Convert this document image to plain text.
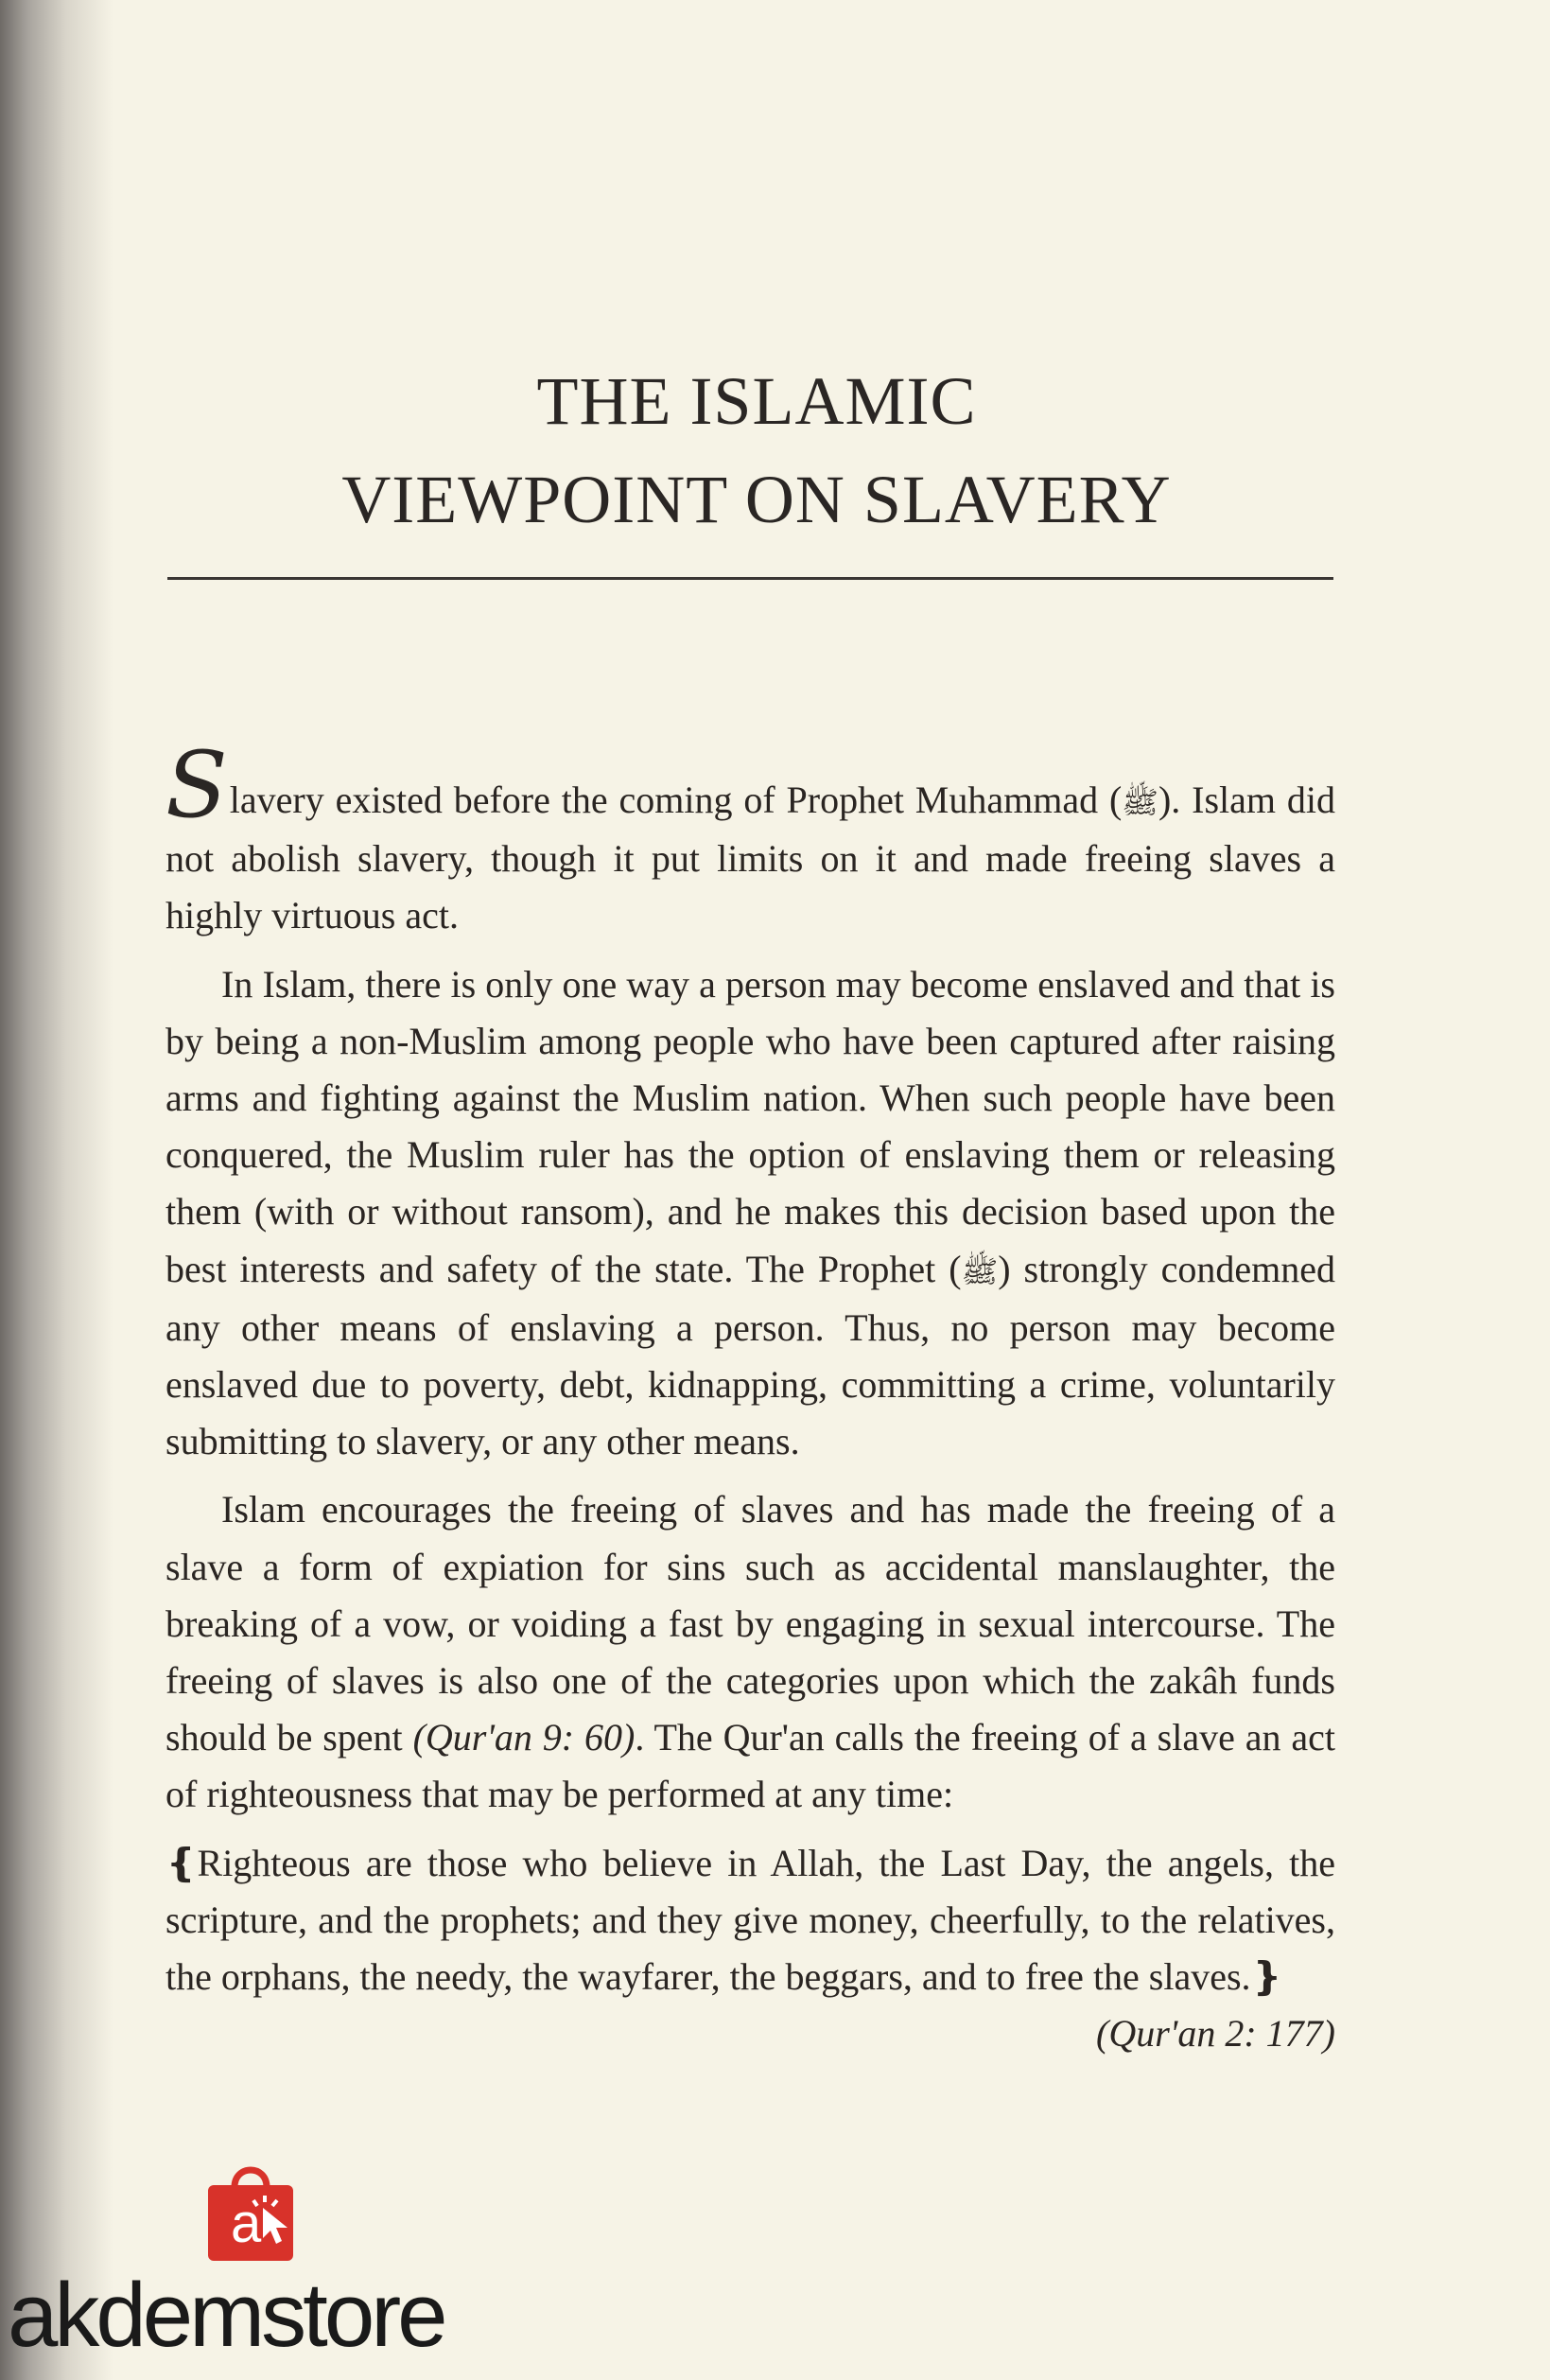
THE ISLAMIC
VIEWPOINT ON SLAVERY

Slavery existed before the coming of Prophet Muhammad (ﷺ). Islam did not abolish slavery, though it put limits on it and made freeing slaves a highly virtuous act.

In Islam, there is only one way a person may become enslaved and that is by being a non-Muslim among people who have been captured after raising arms and fighting against the Muslim nation. When such people have been conquered, the Muslim ruler has the option of enslaving them or releasing them (with or without ransom), and he makes this decision based upon the best interests and safety of the state. The Prophet (ﷺ) strongly condemned any other means of enslaving a person. Thus, no person may become enslaved due to poverty, debt, kidnapping, committing a crime, voluntarily submitting to slavery, or any other means.

Islam encourages the freeing of slaves and has made the freeing of a slave a form of expiation for sins such as accidental manslaughter, the breaking of a vow, or voiding a fast by engaging in sexual intercourse. The freeing of slaves is also one of the categories upon which the zakâh funds should be spent (Qur'an 9: 60). The Qur'an calls the freeing of a slave an act of righteousness that may be performed at any time:

❴Righteous are those who believe in Allah, the Last Day, the angels, the scripture, and the prophets; and they give money, cheerfully, to the relatives, the orphans, the needy, the wayfarer, the beggars, and to free the slaves.❵
(Qur'an 2: 177)

a
akdemstore
